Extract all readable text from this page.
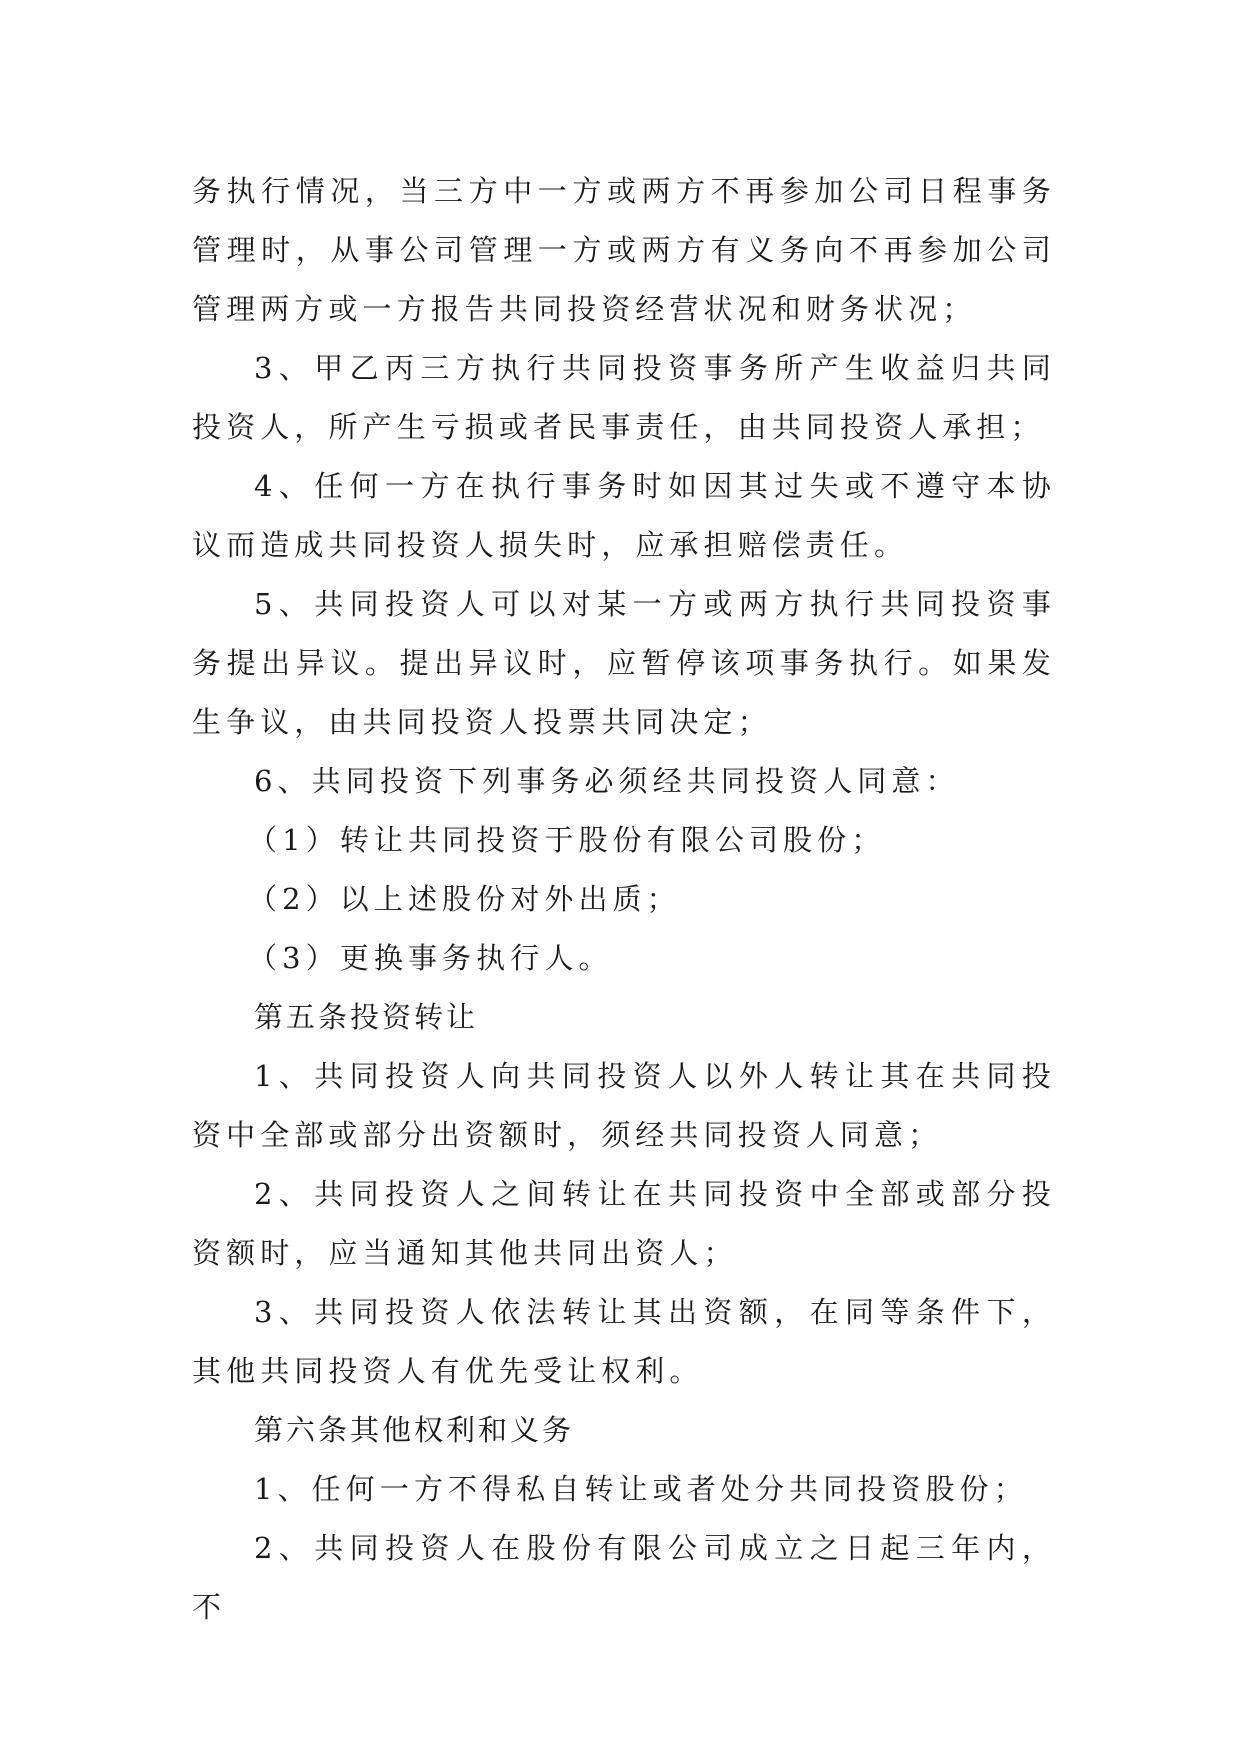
务执行情况，当三方中一方或两方不再参加公司日程事务管理时，从事公司管理一方或两方有义务向不再参加公司管理两方或一方报告共同投资经营状况和财务状况；

3、甲乙丙三方执行共同投资事务所产生收益归共同投资人，所产生亏损或者民事责任，由共同投资人承担；

4、任何一方在执行事务时如因其过失或不遵守本协议而造成共同投资人损失时，应承担赔偿责任。

5、共同投资人可以对某一方或两方执行共同投资事务提出异议。提出异议时，应暂停该项事务执行。如果发生争议，由共同投资人投票共同决定；

6、共同投资下列事务必须经共同投资人同意：

（1）转让共同投资于股份有限公司股份；

（2）以上述股份对外出质；

（3）更换事务执行人。

第五条投资转让

1、共同投资人向共同投资人以外人转让其在共同投资中全部或部分出资额时，须经共同投资人同意；

2、共同投资人之间转让在共同投资中全部或部分投资额时，应当通知其他共同出资人；

3、共同投资人依法转让其出资额，在同等条件下，其他共同投资人有优先受让权利。

第六条其他权利和义务

1、任何一方不得私自转让或者处分共同投资股份；

2、共同投资人在股份有限公司成立之日起三年内，不
